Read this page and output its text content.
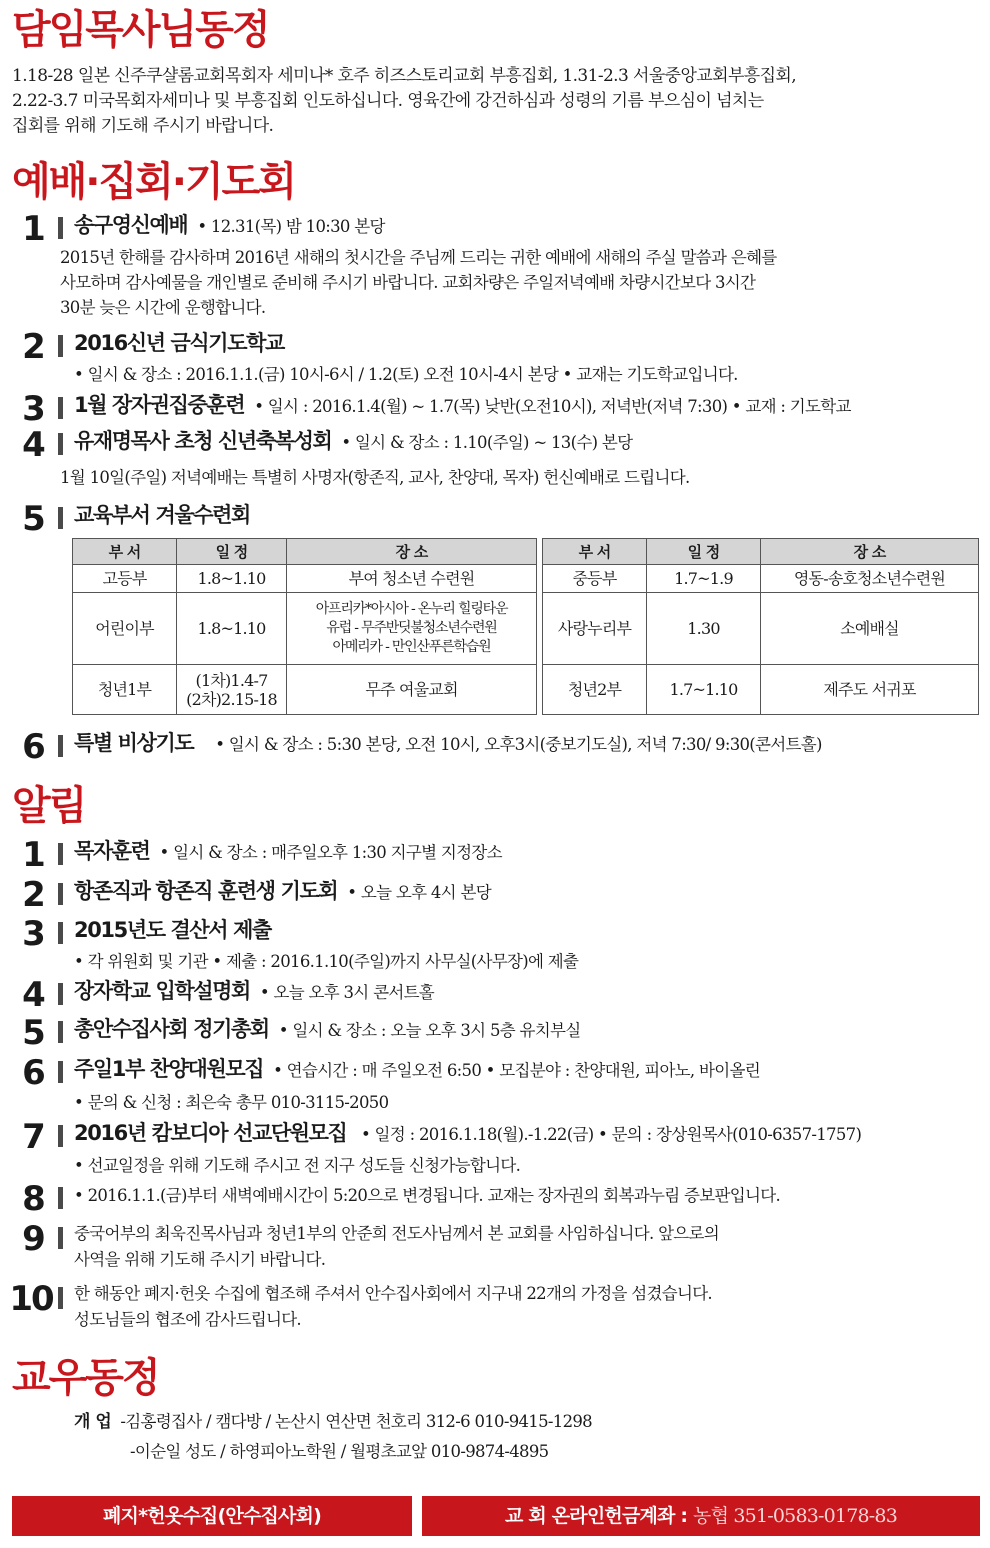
담임목사님동정
1.18-28 일본 신주쿠샬롬교회목회자 세미나* 호주 히즈스토리교회 부흥집회, 1.31-2.3 서울중앙교회부흥집회,
2.22-3.7 미국목회자세미나 및 부흥집회 인도하십니다. 영육간에 강건하심과 성령의 기름 부으심이 넘치는
집회를 위해 기도해 주시기 바랍니다.
예배·집회·기도회
1	송구영신예배 • 12.31(목) 밤 10:30 본당
2015년 한해를 감사하며 2016년 새해의 첫시간을 주님께 드리는 귀한 예배에 새해의 주실 말씀과 은혜를
사모하며 감사예물을 개인별로 준비해 주시기 바랍니다. 교회차량은 주일저녁예배 차량시간보다 3시간
30분 늦은 시간에 운행합니다.
2	2016신년 금식기도학교
• 일시 & 장소 : 2016.1.1.(금) 10시-6시 / 1.2(토) 오전 10시-4시 본당 • 교재는 기도학교입니다.
3	1월 장자권집중훈련 • 일시 : 2016.1.4(월) ~ 1.7(목) 낮반(오전10시), 저녁반(저녁 7:30) • 교재 : 기도학교
4	유재명목사 초청 신년축복성회 • 일시 & 장소 : 1.10(주일) ~ 13(수) 본당
1월 10일(주일) 저녁예배는 특별히 사명자(항존직, 교사, 찬양대, 목자) 헌신예배로 드립니다.
5	교육부서 겨울수련회
부 서	일 정	장 소
고등부	1.8~1.10	부여 청소년 수련원
어린이부	1.8~1.10	아프리카*아시아 - 온누리 힐링타운
유럽 - 무주반딧불청소년수련원
아메리카 - 만인산푸른학습원

청년1부	(1차)1.4-7
(2차)2.15-18	무주 여울교회
부 서	일 정	장 소
중등부	1.7~1.9	영동-송호청소년수련원
사랑누리부	1.30	소예배실
청년2부	1.7~1.10	제주도 서귀포
6	특별 비상기도 • 일시 & 장소 : 5:30 본당, 오전 10시, 오후3시(중보기도실), 저녁 7:30/ 9:30(콘서트홀)
알림
1	목자훈련 • 일시 & 장소 : 매주일오후 1:30 지구별 지정장소
2	항존직과 항존직 훈련생 기도회 • 오늘 오후 4시 본당
3	2015년도 결산서 제출
• 각 위원회 및 기관 • 제출 : 2016.1.10(주일)까지 사무실(사무장)에 제출
4	장자학교 입학설명회 • 오늘 오후 3시 콘서트홀
5	총안수집사회 정기총회 • 일시 & 장소 : 오늘 오후 3시 5층 유치부실
6	주일1부 찬양대원모집 • 연습시간 : 매 주일오전 6:50 • 모집분야 : 찬양대원, 피아노, 바이올린
• 문의 & 신청 : 최은숙 총무 010-3115-2050
7	2016년 캄보디아 선교단원모집 • 일정 : 2016.1.18(월).-1.22(금) • 문의 : 장상원목사(010-6357-1757)
• 선교일정을 위해 기도해 주시고 전 지구 성도들 신청가능합니다.
8	• 2016.1.1.(금)부터 새벽예배시간이 5:20으로 변경됩니다. 교재는 장자권의 회복과누림 증보판입니다.
9	중국어부의 최욱진목사님과 청년1부의 안준희 전도사님께서 본 교회를 사임하십니다. 앞으로의
사역을 위해 기도해 주시기 바랍니다.
10	한 해동안 폐지·헌옷 수집에 협조해 주셔서 안수집사회에서 지구내 22개의 가정을 섬겼습니다.
성도님들의 협조에 감사드립니다.
교우동정
개 업 -김홍령집사 / 캠다방 / 논산시 연산면 천호리 312-6 010-9415-1298
-이순일 성도 / 하영피아노학원 / 월평초교앞 010-9874-4895
폐지*헌옷수집(안수집사회)	교 회 온라인헌금계좌 : 농협 351-0583-0178-83
